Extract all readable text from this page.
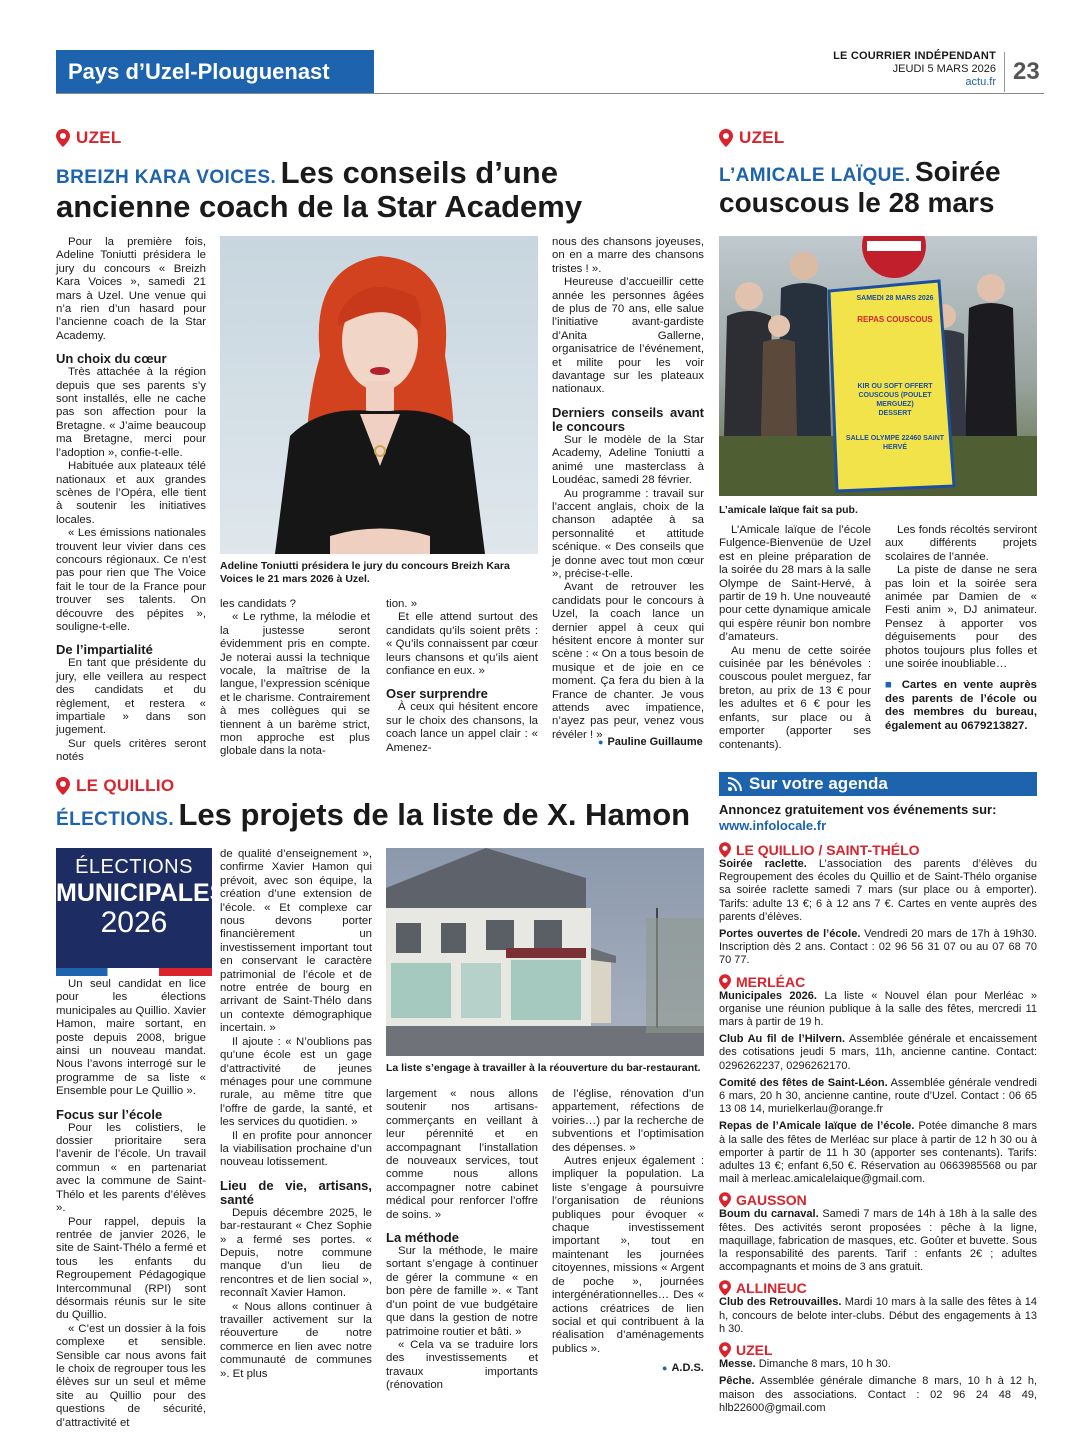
Pays d’Uzel-Plouguenast
LE COURRIER INDÉPENDANT
JEUDI 5 MARS 2026
actu.fr 23
UZEL
BREIZH KARA VOICES. Les conseils d’une ancienne coach de la Star Academy

Pour la première fois, Adeline Toniutti présidera le jury du concours « Breizh Kara Voices », samedi 21 mars à Uzel. Une venue qui n’a rien d’un hasard pour l’ancienne coach de la Star Academy.

Un choix du cœur

Très attachée à la région depuis que ses parents s’y sont installés, elle ne cache pas son affection pour la Bretagne. « J’aime beaucoup ma Bretagne, merci pour l’adoption », confie-t-elle.

Habituée aux plateaux télé nationaux et aux grandes scènes de l’Opéra, elle tient à soutenir les initiatives locales.

« Les émissions nationales trouvent leur vivier dans ces concours régionaux. Ce n’est pas pour rien que The Voice fait le tour de la France pour trouver ses talents. On découvre des pépites », souligne-t-elle.

De l’impartialité

En tant que présidente du jury, elle veillera au respect des candidats et du règlement, et restera « impartiale » dans son jugement.

Sur quels critères seront notés

Adeline Toniutti présidera le jury du concours Breizh Kara Voices le 21 mars 2026 à Uzel.

les candidats ?

« Le rythme, la mélodie et la justesse seront évidemment pris en compte. Je noterai aussi la technique vocale, la maîtrise de la langue, l’expression scénique et le charisme. Contrairement à mes collègues qui se tiennent à un barème strict, mon approche est plus globale dans la nota-

tion. »

Et elle attend surtout des candidats qu’ils soient prêts : « Qu’ils connaissent par cœur leurs chansons et qu’ils aient confiance en eux. »

Oser surprendre

À ceux qui hésitent encore sur le choix des chansons, la coach lance un appel clair : « Amenez-

nous des chansons joyeuses, on en a marre des chansons tristes ! ».

Heureuse d’accueillir cette année les personnes âgées de plus de 70 ans, elle salue l’initiative avant-gardiste d’Anita Gallerne, organisatrice de l’événement, et milite pour les voir davantage sur les plateaux nationaux.

Derniers conseils avant le concours

Sur le modèle de la Star Academy, Adeline Toniutti a animé une masterclass à Loudéac, samedi 28 février.

Au programme : travail sur l’accent anglais, choix de la chanson adaptée à sa personnalité et attitude scénique. « Des conseils que je donne avec tout mon cœur », précise-t-elle.

Avant de retrouver les candidats pour le concours à Uzel, la coach lance un dernier appel à ceux qui hésitent encore à monter sur scène : « On a tous besoin de musique et de joie en ce moment. Ça fera du bien à la France de chanter. Je vous attends avec impatience, n’ayez pas peur, venez vous révéler ! »

● Pauline Guillaume
UZEL
L’AMICALE LAÏQUE. Soirée couscous le 28 mars
SAMEDI 28 MARS 2026
REPAS COUSCOUS
KIR OU SOFT OFFERT
COUSCOUS (POULET MERGUEZ)
DESSERT
SALLE OLYMPE 22460 SAINT HERVÉ
L’amicale laïque fait sa pub.

L’Amicale laïque de l’école Fulgence-Bienvenüe de Uzel est en pleine préparation de la soirée du 28 mars à la salle Olympe de Saint-Hervé, à partir de 19 h. Une nouveauté pour cette dynamique amicale qui espère réunir bon nombre d’amateurs.

Au menu de cette soirée cuisinée par les bénévoles : couscous poulet merguez, far breton, au prix de 13 € pour les adultes et 6 € pour les enfants, sur place ou à emporter (apporter ses contenants).

Les fonds récoltés serviront aux différents projets scolaires de l’année.

La piste de danse ne sera pas loin et la soirée sera animée par Damien de « Festi anim », DJ animateur. Pensez à apporter vos déguisements pour des photos toujours plus folles et une soirée inoubliable…

■ Cartes en vente auprès des parents de l’école ou des membres du bureau, également au 0679213827.

LE QUILLIO
ÉLECTIONS. Les projets de la liste de X. Hamon
ÉLECTIONS
MUNICIPALES
2026

Un seul candidat en lice pour les élections municipales au Quillio. Xavier Hamon, maire sortant, en poste depuis 2008, brigue ainsi un nouveau mandat. Nous l’avons interrogé sur le programme de sa liste « Ensemble pour Le Quillio ».

Focus sur l’école

Pour les colistiers, le dossier prioritaire sera l’avenir de l’école. Un travail commun « en partenariat avec la commune de Saint-Thélo et les parents d’élèves ».

Pour rappel, depuis la rentrée de janvier 2026, le site de Saint-Thélo a fermé et tous les enfants du Regroupement Pédagogique Intercommunal (RPI) sont désormais réunis sur le site du Quillio.

« C’est un dossier à la fois complexe et sensible. Sensible car nous avons fait le choix de regrouper tous les élèves sur un seul et même site au Quillio pour des questions de sécurité, d’attractivité et

de qualité d’enseignement », confirme Xavier Hamon qui prévoit, avec son équipe, la création d’une extension de l’école. « Et complexe car nous devons porter financièrement un investissement important tout en conservant le caractère patrimonial de l’école et de notre entrée de bourg en arrivant de Saint-Thélo dans un contexte démographique incertain. »

Il ajoute : « N’oublions pas qu’une école est un gage d’attractivité de jeunes ménages pour une commune rurale, au même titre que l’offre de garde, la santé, et les services du quotidien. »

Il en profite pour annoncer la viabilisation prochaine d’un nouveau lotissement.

Lieu de vie, artisans, santé

Depuis décembre 2025, le bar-restaurant « Chez Sophie » a fermé ses portes. « Depuis, notre commune manque d’un lieu de rencontres et de lien social », reconnaît Xavier Hamon.

« Nous allons continuer à travailler activement sur la réouverture de notre commerce en lien avec notre communauté de communes ». Et plus

La liste s’engage à travailler à la réouverture du bar-restaurant.

largement « nous allons soutenir nos artisans-commerçants en veillant à leur pérennité et en accompagnant l’installation de nouveaux services, tout comme nous allons accompagner notre cabinet médical pour renforcer l’offre de soins. »

La méthode

Sur la méthode, le maire sortant s’engage à continuer de gérer la commune « en bon père de famille ». « Tant d’un point de vue budgétaire que dans la gestion de notre patrimoine routier et bâti. »

« Cela va se traduire lors des investissements et travaux importants (rénovation

de l’église, rénovation d’un appartement, réfections de voiries…) par la recherche de subventions et l’optimisation des dépenses. »

Autres enjeux également : impliquer la population. La liste s’engage à poursuivre l’organisation de réunions publiques pour évoquer « chaque investissement important », tout en maintenant les journées citoyennes, missions « Argent de poche », journées intergénérationnelles… Des « actions créatrices de lien social et qui contribuent à la réalisation d’aménagements publics ».

● A.D.S.
Sur votre agenda
Annoncez gratuitement vos événements sur:
www.infolocale.fr
LE QUILLIO / SAINT-THÉLO

Soirée raclette. L’association des parents d’élèves du Regroupement des écoles du Quillio et de Saint-Thélo organise sa soirée raclette samedi 7 mars (sur place ou à emporter). Tarifs: adulte 13 €; 6 à 12 ans 7 €. Cartes en vente auprès des parents d’élèves.

Portes ouvertes de l’école. Vendredi 20 mars de 17h à 19h30. Inscription dès 2 ans. Contact : 02 96 56 31 07 ou au 07 68 70 70 77.

MERLÉAC

Municipales 2026. La liste « Nouvel élan pour Merléac » organise une réunion publique à la salle des fêtes, mercredi 11 mars à partir de 19 h.

Club Au fil de l’Hilvern. Assemblée générale et encaissement des cotisations jeudi 5 mars, 11h, ancienne cantine. Contact: 0296262237, 0296262170.

Comité des fêtes de Saint-Léon. Assemblée générale vendredi 6 mars, 20 h 30, ancienne cantine, route d’Uzel. Contact : 06 65 13 08 14, murielkerlau@orange.fr

Repas de l’Amicale laïque de l’école. Potée dimanche 8 mars à la salle des fêtes de Merléac sur place à partir de 12 h 30 ou à emporter à partir de 11 h 30 (apporter ses contenants). Tarifs: adultes 13 €; enfant 6,50 €. Réservation au 0663985568 ou par mail à merleac.amicalelaique@gmail.com.

GAUSSON

Boum du carnaval. Samedi 7 mars de 14h à 18h à la salle des fêtes. Des activités seront proposées : pêche à la ligne, maquillage, fabrication de masques, etc. Goûter et buvette. Sous la responsabilité des parents. Tarif : enfants 2€ ; adultes accompagnants et moins de 3 ans gratuit.

ALLINEUC

Club des Retrouvailles. Mardi 10 mars à la salle des fêtes à 14 h, concours de belote inter-clubs. Début des engagements à 13 h 30.

UZEL

Messe. Dimanche 8 mars, 10 h 30.

Pêche. Assemblée générale dimanche 8 mars, 10 h à 12 h, maison des associations. Contact : 02 96 24 48 49, hlb22600@gmail.com
